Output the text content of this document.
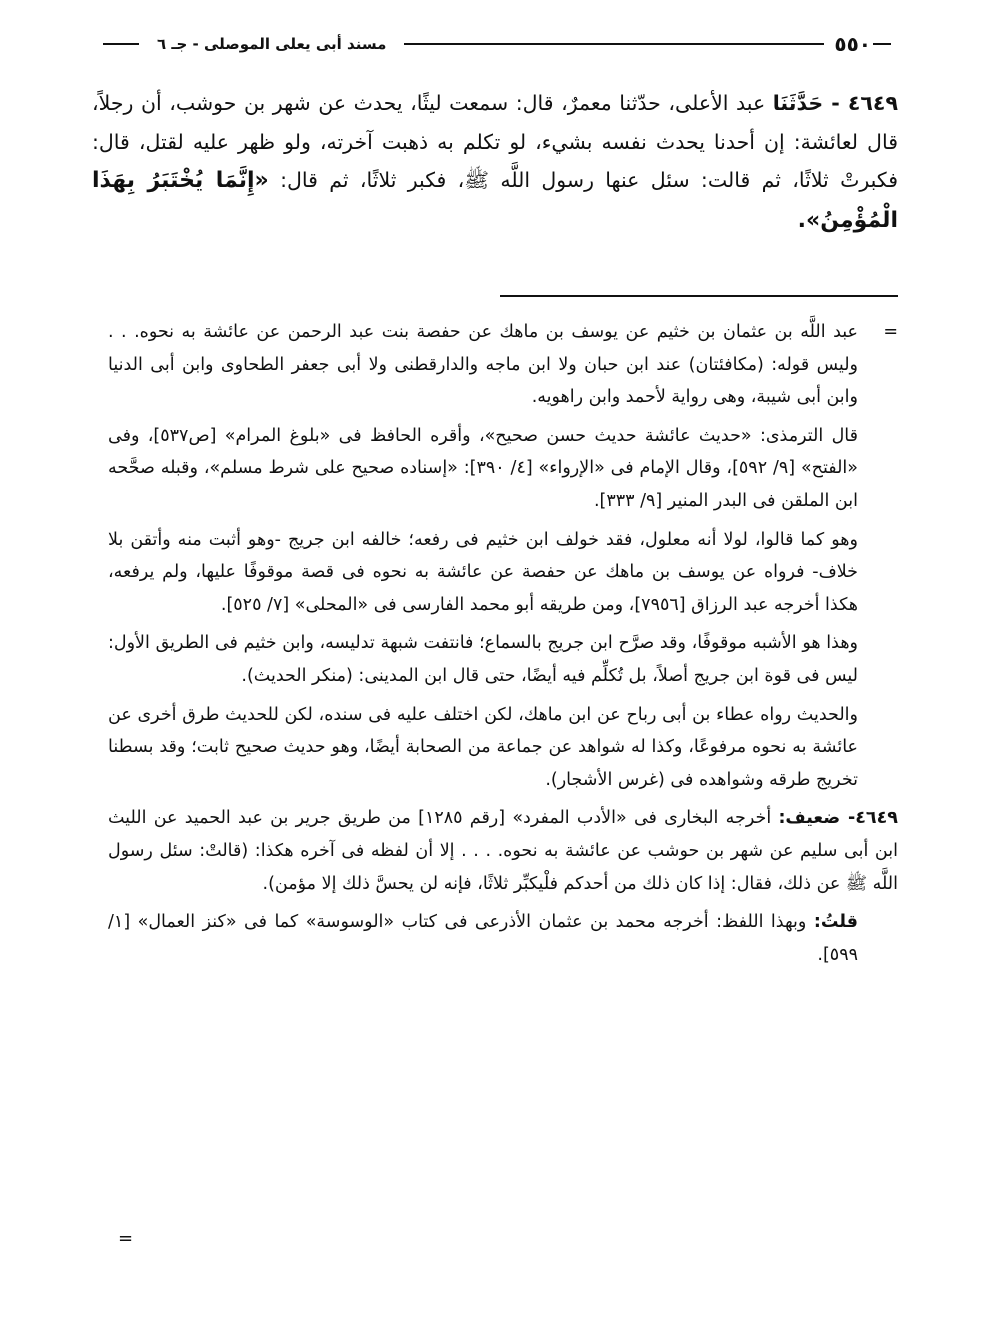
٥٥٠
مسند أبى يعلى الموصلى - جـ ٦
٤٦٤٩ - حَدَّثَنَا عبد الأعلى، حدّثنا معمرٌ، قال: سمعت ليثًا، يحدث عن شهر بن حوشب، أن رجلاً، قال لعائشة: إن أحدنا يحدث نفسه بشيء، لو تكلم به ذهبت آخرته، ولو ظهر عليه لقتل، قال: فكبرتْ ثلاثًا، ثم قالت: سئل عنها رسول اللَّه ﷺ، فكبر ثلاثًا، ثم قال: «إِنَّمَا يُخْتَبَرُ بِهَذَا الْمُؤْمِنُ».

=
عبد اللَّه بن عثمان بن خثيم عن يوسف بن ماهك عن حفصة بنت عبد الرحمن عن عائشة به نحوه. . . وليس قوله: (مكافئتان) عند ابن حبان ولا ابن ماجه والدارقطنى ولا أبى جعفر الطحاوى وابن أبى الدنيا وابن أبى شيبة، وهى رواية لأحمد وابن راهويه.

قال الترمذى: «حديث عائشة حديث حسن صحيح»، وأقره الحافظ فى «بلوغ المرام» [ص٥٣٧]، وفى «الفتح» [٩/ ٥٩٢]، وقال الإمام فى «الإرواء» [٤/ ٣٩٠]: «إسناده صحيح على شرط مسلم»، وقبله صحَّحه ابن الملقن فى البدر المنير [٩/ ٣٣٣].

وهو كما قالوا، لولا أنه معلول، فقد خولف ابن خثيم فى رفعه؛ خالفه ابن جريج -وهو أثبت منه وأتقن بلا خلاف- فرواه عن يوسف بن ماهك عن حفصة عن عائشة به نحوه فى قصة موقوفًا عليها، ولم يرفعه، هكذا أخرجه عبد الرزاق [٧٩٥٦]، ومن طريقه أبو محمد الفارسى فى «المحلى» [٧/ ٥٢٥].

وهذا هو الأشبه موقوفًا، وقد صرَّح ابن جريج بالسماع؛ فانتفت شبهة تدليسه، وابن خثيم فى الطريق الأول: ليس فى قوة ابن جريج أصلاً، بل تُكلِّم فيه أيضًا، حتى قال ابن المدينى: (منكر الحديث).

والحديث رواه عطاء بن أبى رباح عن ابن ماهك، لكن اختلف عليه فى سنده، لكن للحديث طرق أخرى عن عائشة به نحوه مرفوعًا، وكذا له شواهد عن جماعة من الصحابة أيضًا، وهو حديث صحيح ثابت؛ وقد بسطنا تخريج طرقه وشواهده فى (غرس الأشجار).

٤٦٤٩- ضعيف: أخرجه البخارى فى «الأدب المفرد» [رقم ١٢٨٥] من طريق جرير بن عبد الحميد عن الليث ابن أبى سليم عن شهر بن حوشب عن عائشة به نحوه. . . . إلا أن لفظه فى آخره هكذا: (قالتْ: سئل رسول اللَّه ﷺ عن ذلك، فقال: إذا كان ذلك من أحدكم فلْيكبِّر ثلاثًا، فإنه لن يحسَّ ذلك إلا مؤمن).

قلتُ: وبهذا اللفظ: أخرجه محمد بن عثمان الأذرعى فى كتاب «الوسوسة» كما فى «كنز العمال» [١/ ٥٩٩].

=
